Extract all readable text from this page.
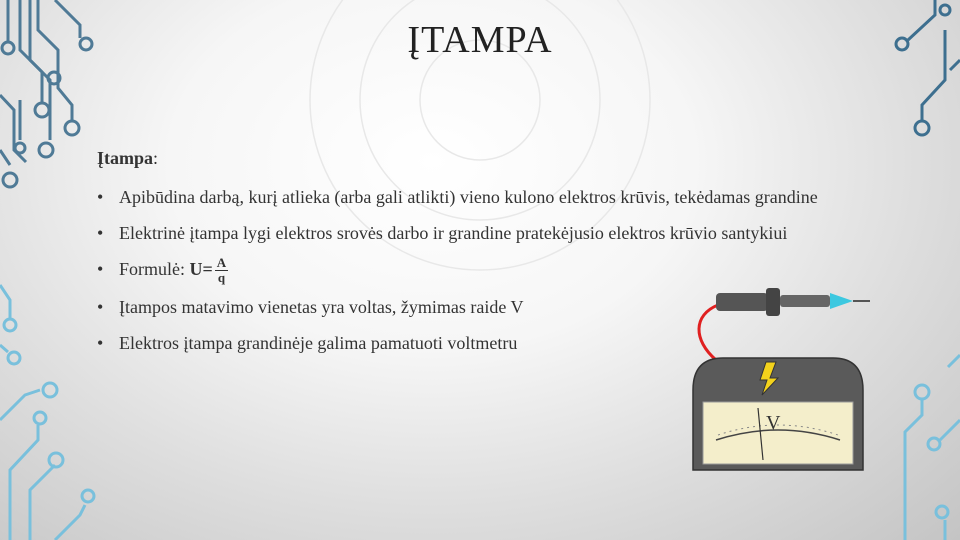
ĮTAMPA
Įtampa:
• Apibūdina darbą, kurį atlieka (arba gali atlikti) vieno kulono elektros krūvis, tekėdamas grandine
• Elektrinė įtampa lygi elektros srovės darbo ir grandine pratekėjusio elektros krūvio santykiui
• Formulė: $U= \frac{A}{q}$
• Įtampos matavimo vienetas yra voltas, žymimas raide V
• Elektros įtampa grandinėje galima pamatuoti voltmetru
V
